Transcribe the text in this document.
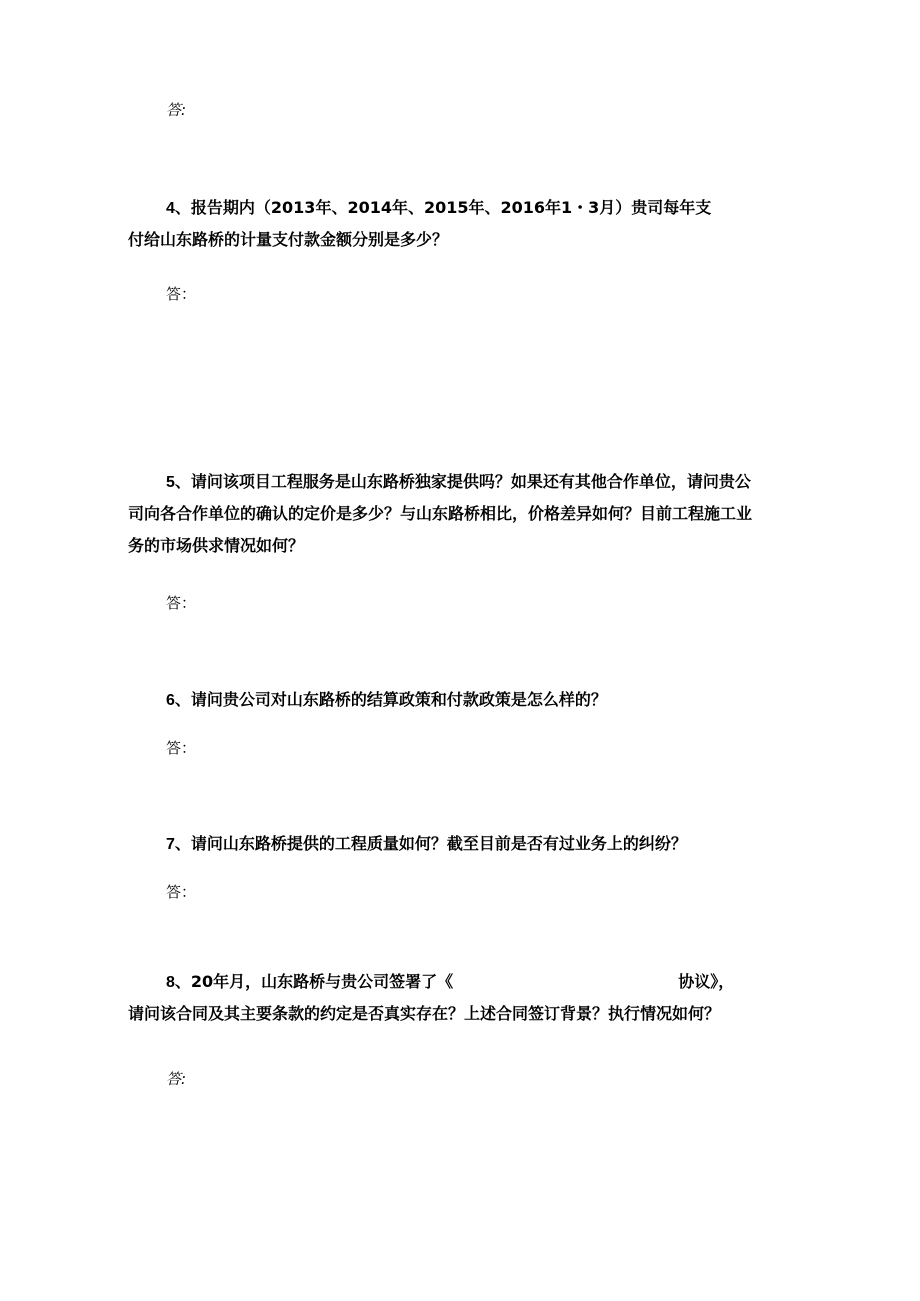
答:
4、报告期内（2013年、2014年、2015年、2016年1・3月）贵司每年支
付给山东路桥的计量支付款金额分别是多少？
答：
5、请问该项目工程服务是山东路桥独家提供吗？如果还有其他合作单位，请问贵公
司向各合作单位的确认的定价是多少？与山东路桥相比，价格差异如何？目前工程施工业
务的市场供求情况如何？
答：
6、请问贵公司对山东路桥的结算政策和付款政策是怎么样的？
答：
7、请问山东路桥提供的工程质量如何？截至目前是否有过业务上的纠纷？
答：
8、20年月，山东路桥与贵公司签署了《	协议》，
请问该合同及其主要条款的约定是否真实存在？上述合同签订背景？执行情况如何？
答:
